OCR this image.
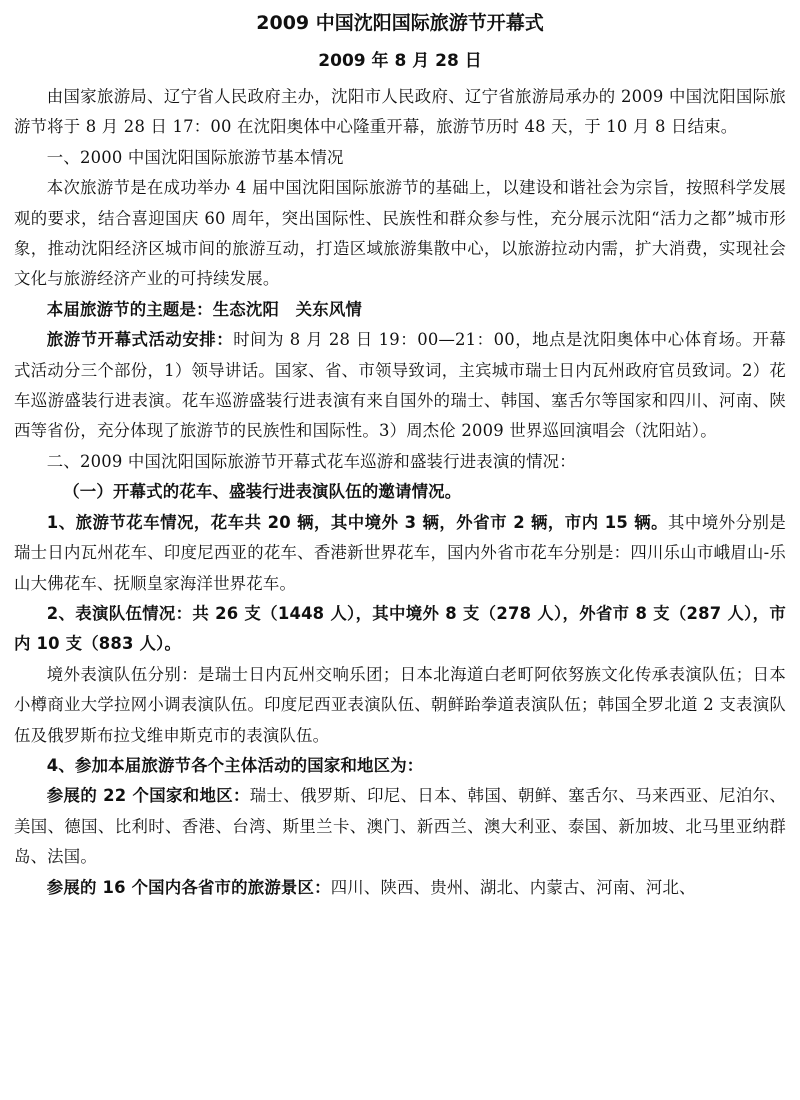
2009 中国沈阳国际旅游节开幕式
2009 年 8 月 28 日

由国家旅游局、辽宁省人民政府主办，沈阳市人民政府、辽宁省旅游局承办的 2009 中国沈阳国际旅游节将于 8 月 28 日 17：00 在沈阳奥体中心隆重开幕，旅游节历时 48 天，于 10 月 8 日结束。

一、2000 中国沈阳国际旅游节基本情况

本次旅游节是在成功举办 4 届中国沈阳国际旅游节的基础上，以建设和谐社会为宗旨，按照科学发展观的要求，结合喜迎国庆 60 周年，突出国际性、民族性和群众参与性，充分展示沈阳“活力之都”城市形象，推动沈阳经济区城市间的旅游互动，打造区域旅游集散中心，以旅游拉动内需，扩大消费，实现社会文化与旅游经济产业的可持续发展。

本届旅游节的主题是：生态沈阳　关东风情

旅游节开幕式活动安排：时间为 8 月 28 日 19：00—21：00，地点是沈阳奥体中心体育场。开幕式活动分三个部份，1）领导讲话。国家、省、市领导致词，主宾城市瑞士日内瓦州政府官员致词。2）花车巡游盛装行进表演。花车巡游盛装行进表演有来自国外的瑞士、韩国、塞舌尔等国家和四川、河南、陕西等省份，充分体现了旅游节的民族性和国际性。3）周杰伦 2009 世界巡回演唱会（沈阳站）。

二、2009 中国沈阳国际旅游节开幕式花车巡游和盛装行进表演的情况：

（一）开幕式的花车、盛装行进表演队伍的邀请情况。

1、旅游节花车情况，花车共 20 辆，其中境外 3 辆，外省市 2 辆，市内 15 辆。其中境外分别是瑞士日内瓦州花车、印度尼西亚的花车、香港新世界花车，国内外省市花车分别是：四川乐山市峨眉山-乐山大佛花车、抚顺皇家海洋世界花车。

2、表演队伍情况：共 26 支（1448 人），其中境外 8 支（278 人），外省市 8 支（287 人），市内 10 支（883 人）。

境外表演队伍分别：是瑞士日内瓦州交响乐团；日本北海道白老町阿依努族文化传承表演队伍；日本小樽商业大学拉网小调表演队伍。印度尼西亚表演队伍、朝鲜跆拳道表演队伍；韩国全罗北道 2 支表演队伍及俄罗斯布拉戈维申斯克市的表演队伍。

4、参加本届旅游节各个主体活动的国家和地区为：

参展的 22 个国家和地区：瑞士、俄罗斯、印尼、日本、韩国、朝鲜、塞舌尔、马来西亚、尼泊尔、美国、德国、比利时、香港、台湾、斯里兰卡、澳门、新西兰、澳大利亚、泰国、新加坡、北马里亚纳群岛、法国。

参展的 16 个国内各省市的旅游景区：四川、陕西、贵州、湖北、内蒙古、河南、河北、
